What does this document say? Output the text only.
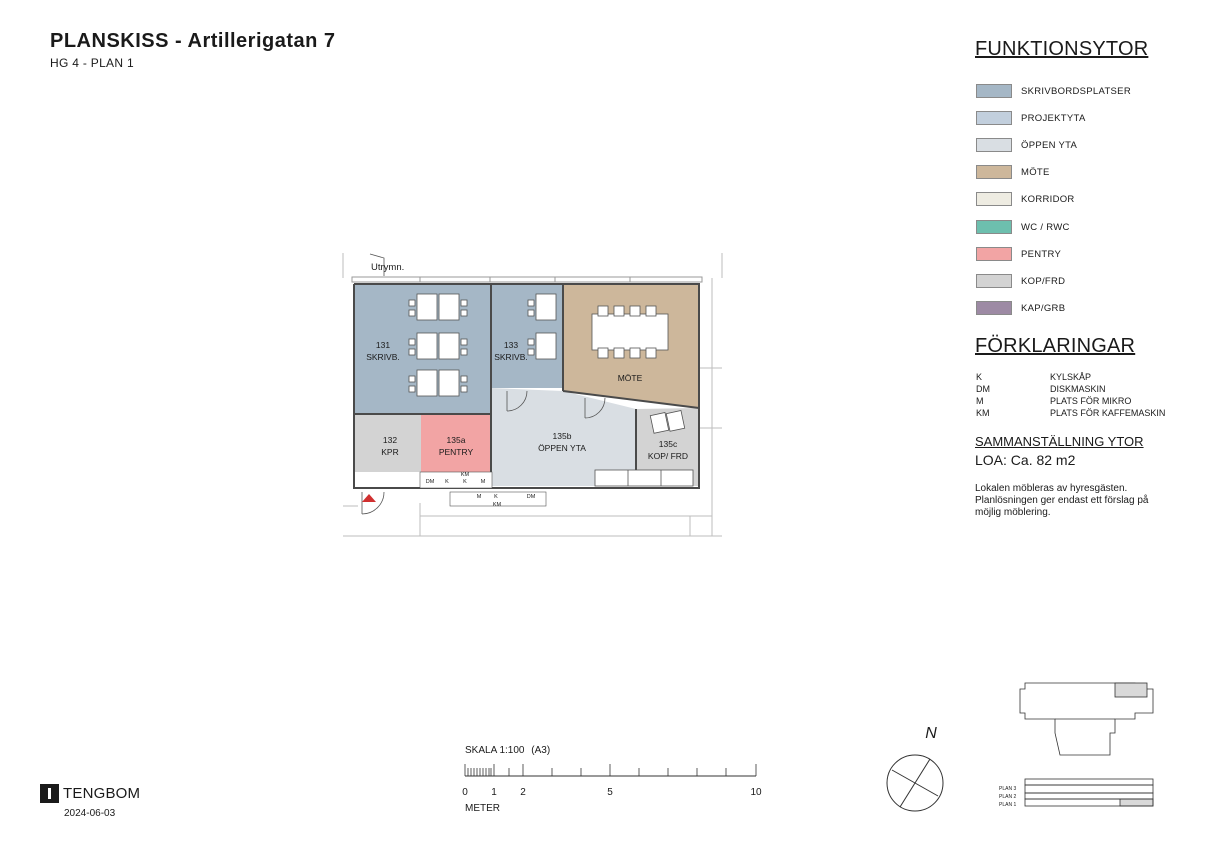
PLANSKISS - Artillerigatan 7
HG 4 - PLAN 1
FUNKTIONSYTOR
SKRIVBORDSPLATSER
PROJEKTYTA
ÖPPEN YTA
MÖTE
KORRIDOR
WC / RWC
PENTRY
KOP/FRD
KAP/GRB
FÖRKLARINGAR
K	KYLSKÅP
DM	DISKMASKIN
M	PLATS FÖR MIKRO
KM	PLATS FÖR KAFFEMASKIN
SAMMANSTÄLLNING YTOR
LOA: Ca. 82 m2
Lokalen möbleras av hyresgästen. Planlösningen ger endast ett förslag på möjlig möblering.
131
SKRIVB.
133
SKRIVB.
MÖTE
132
KPR
135a
PENTRY
135b
ÖPPEN YTA	135c
KOP/ FRD
Utrymn.
DM K
KM
K	M
M K	DM
KM
SKALA 1:100 (A3)
0 1 2	5	10
METER
N
PLAN 3
PLAN 2
PLAN 1
TENGBOM
2024-06-03
